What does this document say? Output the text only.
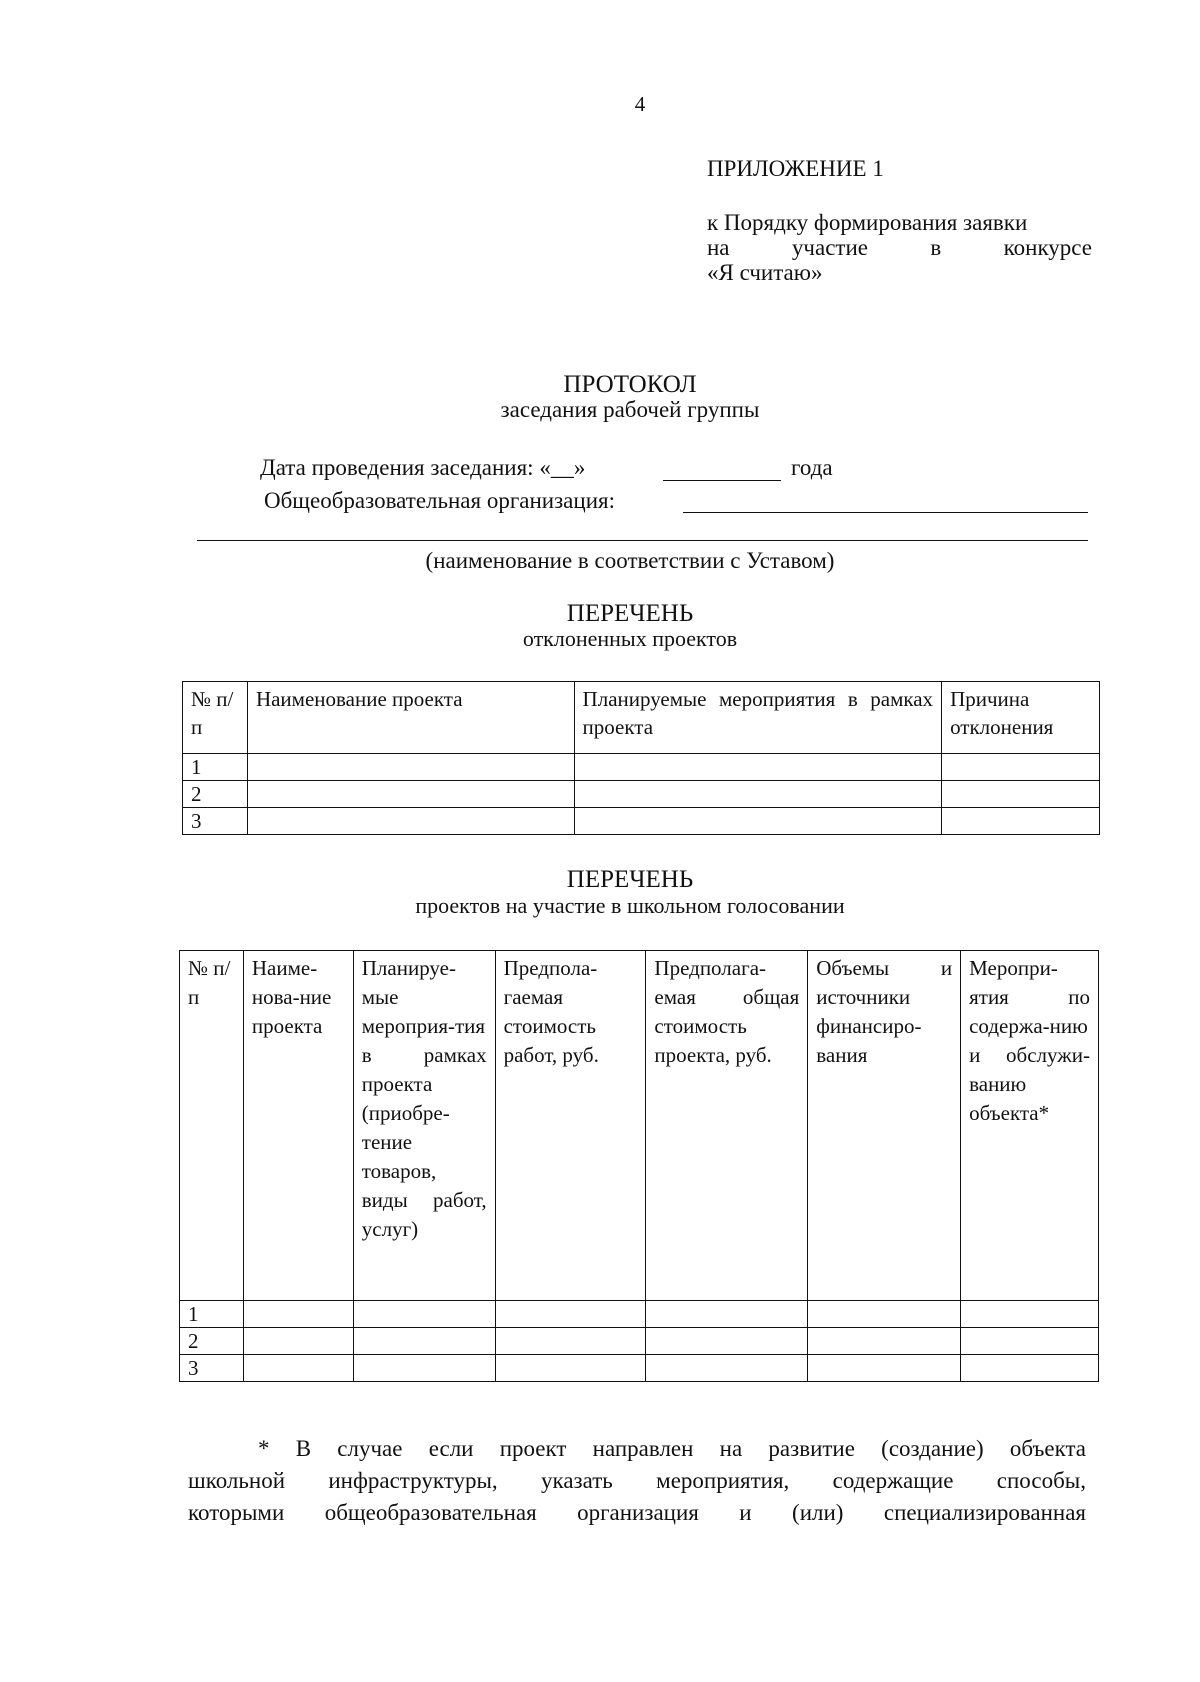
4
ПРИЛОЖЕНИЕ 1
к Порядку формирования заявки
на участие в конкурсе
«Я считаю»
ПРОТОКОЛ
заседания рабочей группы
Дата проведения заседания: «__»	года
Общеобразовательная организация:
(наименование в соответствии с Уставом)
ПЕРЕЧЕНЬ
отклоненных проектов
№ п/п	Наименование проекта	Планируемые мероприятия в рамках проекта	Причина отклонения
1			
2			
3			
ПЕРЕЧЕНЬ
проектов на участие в школьном голосовании
№ п/п	Наиме-нова-ние проекта	Планируе-мые мероприя-тия в рамках проекта (приобре-тение товаров, виды работ, услуг)	Предпола-гаемая стоимость работ, руб.	Предполага-емая общая стоимость проекта, руб.	Объемы и источники финансиро-вания	Меропри-ятия по содержа-нию и обслужи-ванию объекта*
1						
2						
3						
* В случае если проект направлен на развитие (создание) объекта
школьной инфраструктуры, указать мероприятия, содержащие способы,
которыми общеобразовательная организация и (или) специализированная
